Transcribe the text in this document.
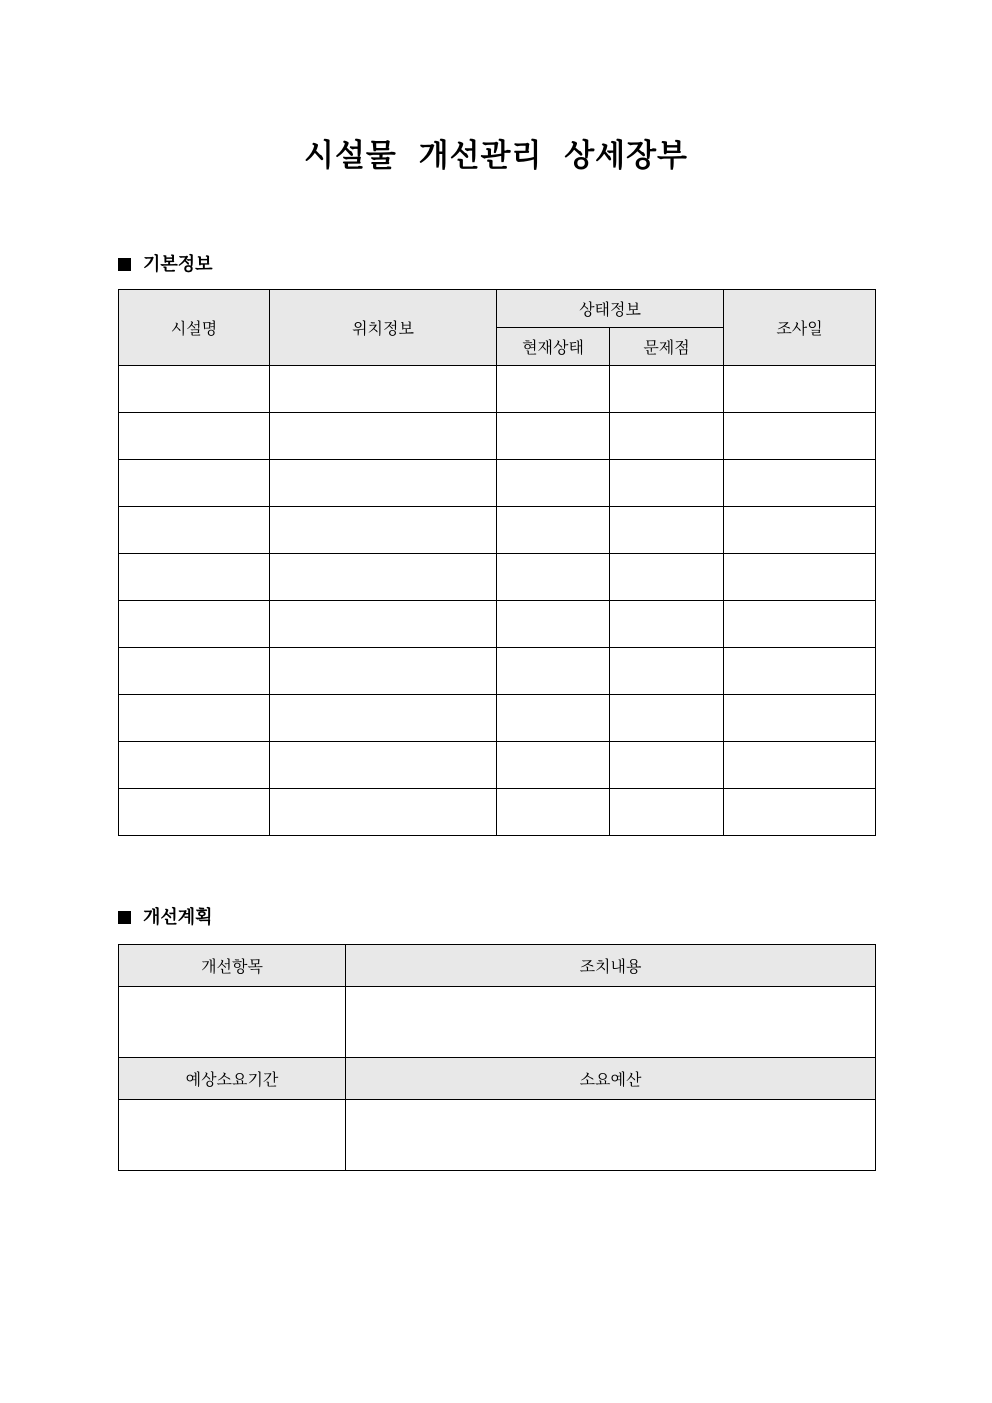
시설물 개선관리 상세장부
기본정보
시설명	위치정보	상태정보		조사일
		현재상태	문제점	

개선계획
개선항목	조치내용

예상소요기간	소요예산
